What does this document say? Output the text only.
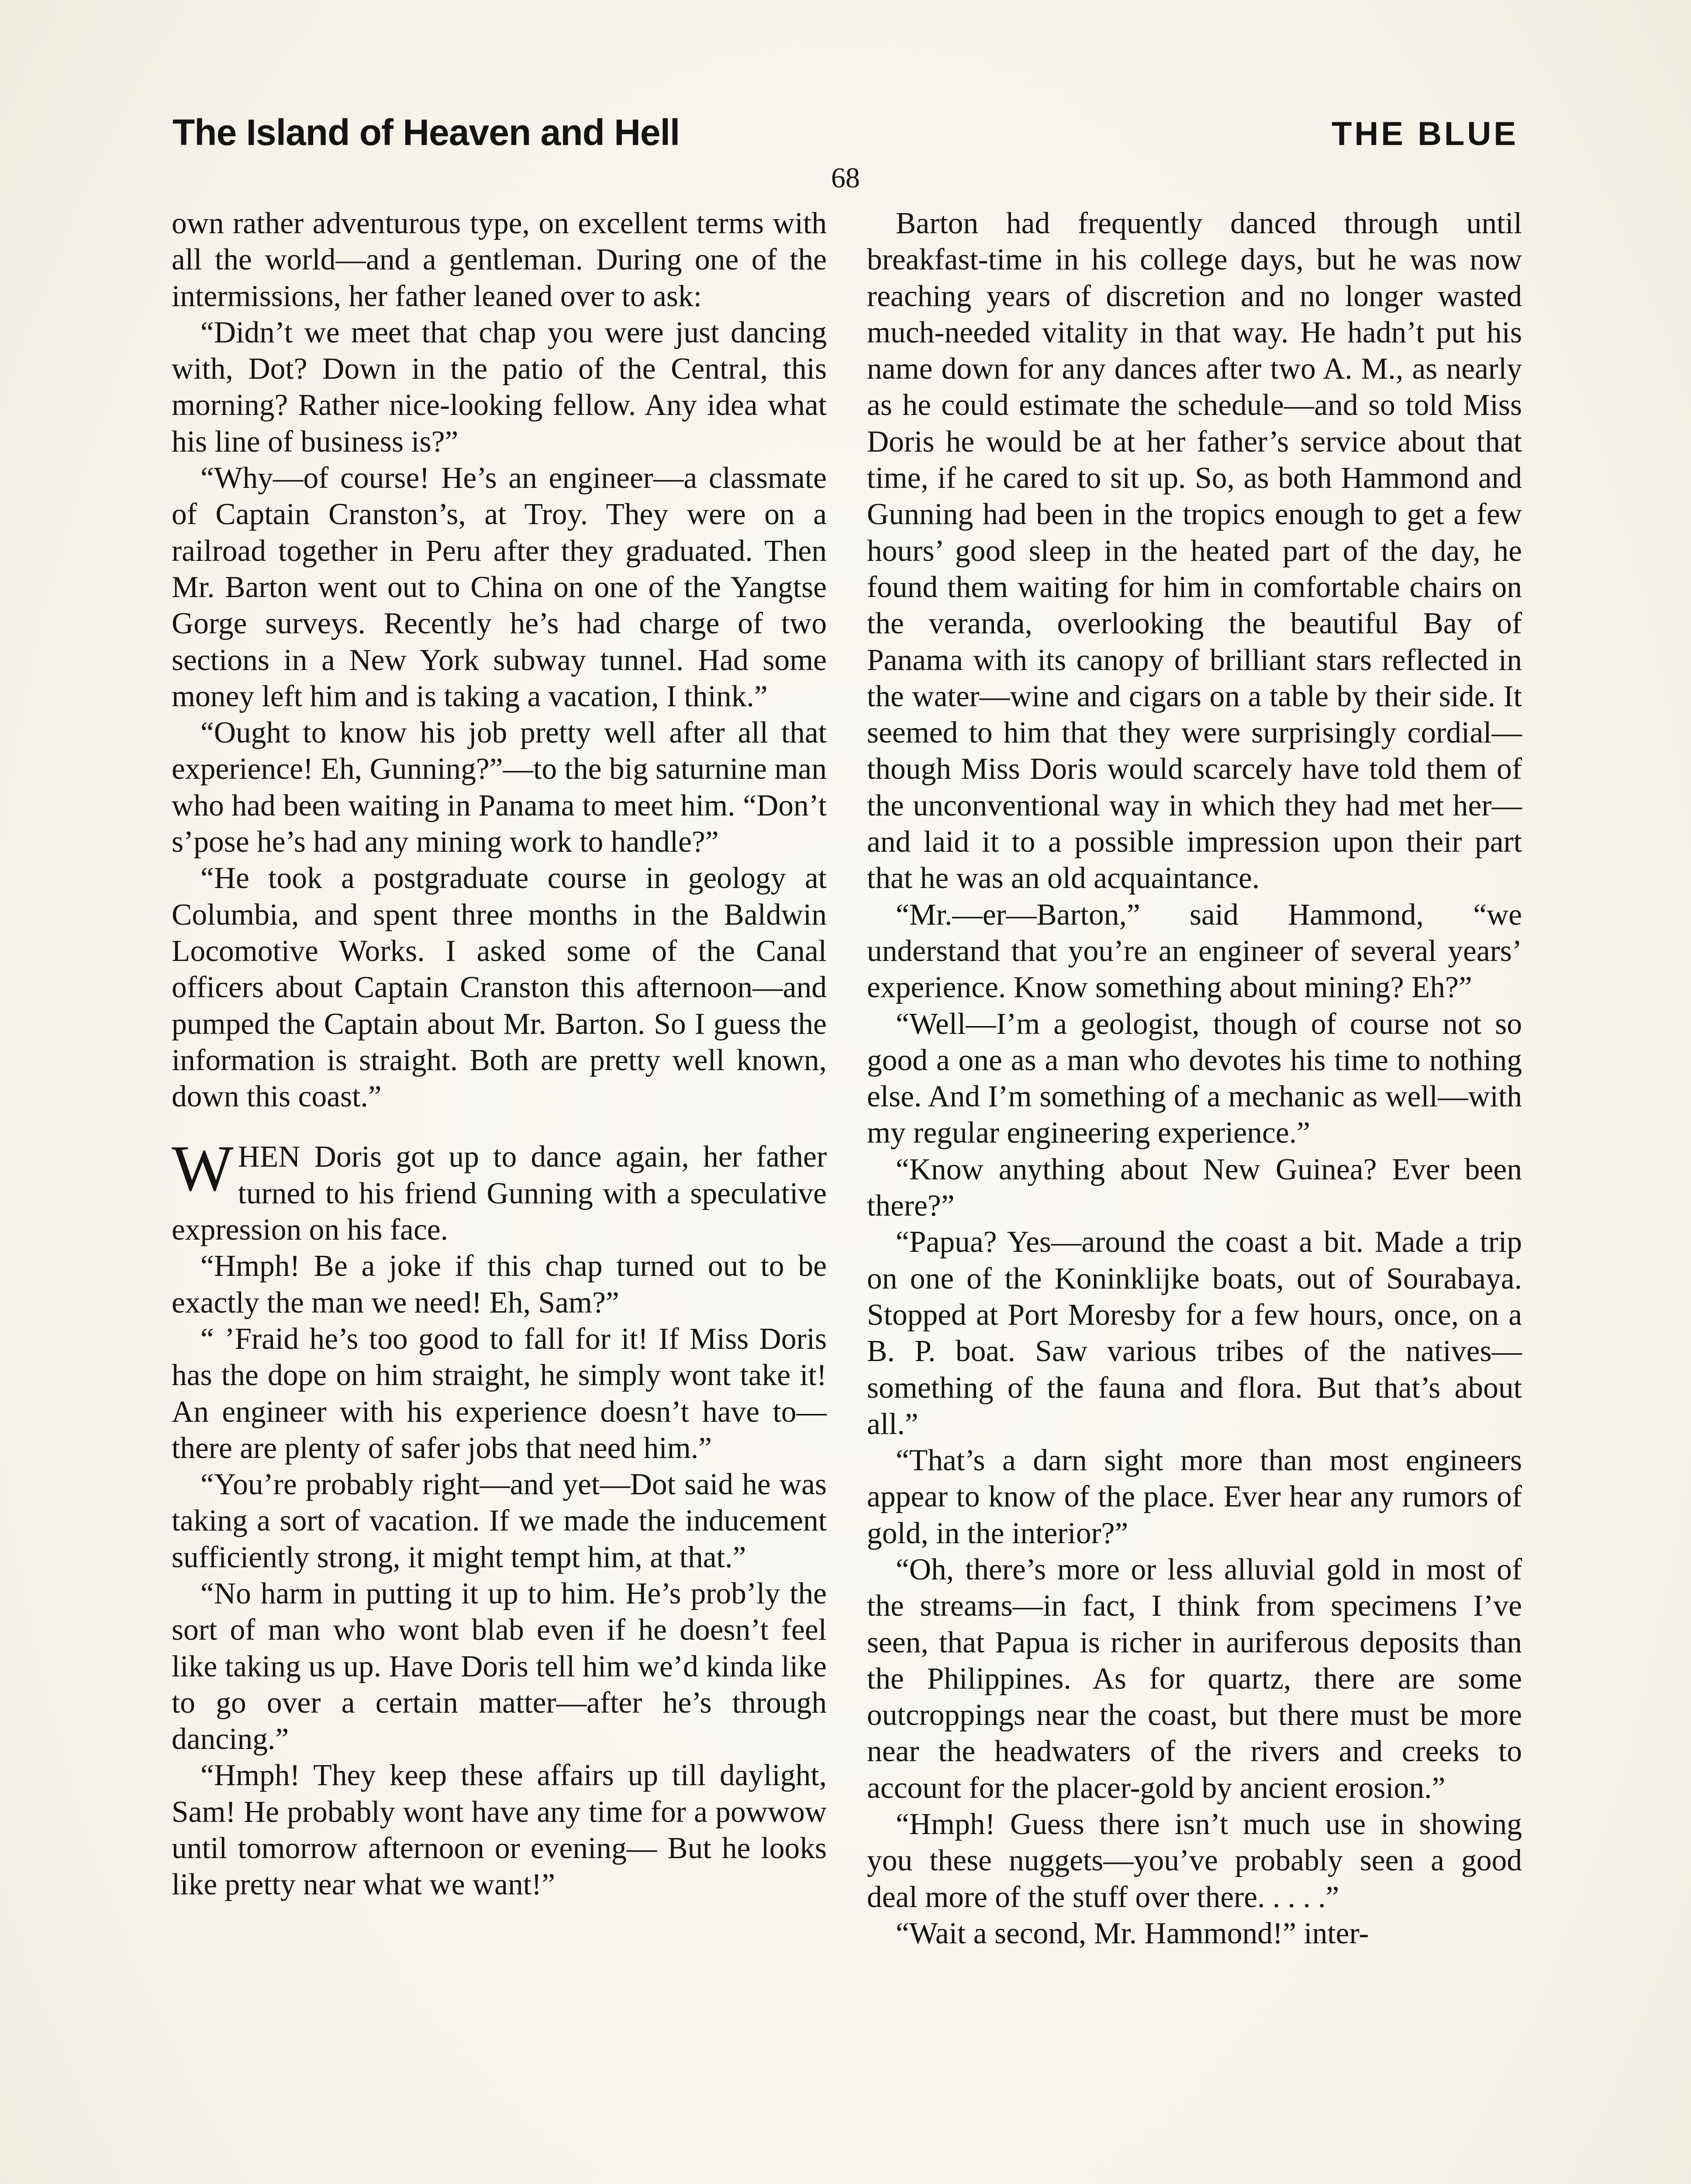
The Island of Heaven and Hell	THE BLUE
68

own rather adventurous type, on excellent terms with all the world—and a gentleman. During one of the intermissions, her father leaned over to ask:

“Didn’t we meet that chap you were just dancing with, Dot? Down in the patio of the Central, this morning? Rather nice-looking fellow. Any idea what his line of business is?”

“Why—of course! He’s an engineer—a classmate of Captain Cranston’s, at Troy. They were on a railroad together in Peru after they graduated. Then Mr. Barton went out to China on one of the Yangtse Gorge surveys. Recently he’s had charge of two sections in a New York subway tunnel. Had some money left him and is taking a vacation, I think.”

“Ought to know his job pretty well after all that experience! Eh, Gunning?”—to the big saturnine man who had been waiting in Panama to meet him. “Don’t s’pose he’s had any mining work to handle?”

“He took a postgraduate course in geology at Columbia, and spent three months in the Baldwin Locomotive Works. I asked some of the Canal officers about Captain Cranston this afternoon—and pumped the Captain about Mr. Barton. So I guess the information is straight. Both are pretty well known, down this coast.”

WHEN Doris got up to dance again, her father turned to his friend Gunning with a speculative expression on his face.

“Hmph! Be a joke if this chap turned out to be exactly the man we need! Eh, Sam?”

“ ’Fraid he’s too good to fall for it! If Miss Doris has the dope on him straight, he simply wont take it! An engineer with his experience doesn’t have to—there are plenty of safer jobs that need him.”

“You’re probably right—and yet—Dot said he was taking a sort of vacation. If we made the inducement sufficiently strong, it might tempt him, at that.”

“No harm in putting it up to him. He’s prob’ly the sort of man who wont blab even if he doesn’t feel like taking us up. Have Doris tell him we’d kinda like to go over a certain matter—after he’s through dancing.”

“Hmph! They keep these affairs up till daylight, Sam! He probably wont have any time for a powwow until tomorrow afternoon or evening— But he looks like pretty near what we want!”

Barton had frequently danced through until breakfast-time in his college days, but he was now reaching years of discretion and no longer wasted much-needed vitality in that way. He hadn’t put his name down for any dances after two A. M., as nearly as he could estimate the schedule—and so told Miss Doris he would be at her father’s service about that time, if he cared to sit up. So, as both Hammond and Gunning had been in the tropics enough to get a few hours’ good sleep in the heated part of the day, he found them waiting for him in comfortable chairs on the veranda, overlooking the beautiful Bay of Panama with its canopy of brilliant stars reflected in the water—wine and cigars on a table by their side. It seemed to him that they were surprisingly cordial—though Miss Doris would scarcely have told them of the unconventional way in which they had met her—and laid it to a possible impression upon their part that he was an old acquaintance.

“Mr.—er—Barton,” said Hammond, “we understand that you’re an engineer of several years’ experience. Know something about mining? Eh?”

“Well—I’m a geologist, though of course not so good a one as a man who devotes his time to nothing else. And I’m something of a mechanic as well—with my regular engineering experience.”

“Know anything about New Guinea? Ever been there?”

“Papua? Yes—around the coast a bit. Made a trip on one of the Koninklijke boats, out of Sourabaya. Stopped at Port Moresby for a few hours, once, on a B. P. boat. Saw various tribes of the natives—something of the fauna and flora. But that’s about all.”

“That’s a darn sight more than most engineers appear to know of the place. Ever hear any rumors of gold, in the interior?”

“Oh, there’s more or less alluvial gold in most of the streams—in fact, I think from specimens I’ve seen, that Papua is richer in auriferous deposits than the Philippines. As for quartz, there are some outcroppings near the coast, but there must be more near the headwaters of the rivers and creeks to account for the placer-gold by ancient erosion.”

“Hmph! Guess there isn’t much use in showing you these nuggets—you’ve probably seen a good deal more of the stuff over there. . . . .”

“Wait a second, Mr. Hammond!” inter-
